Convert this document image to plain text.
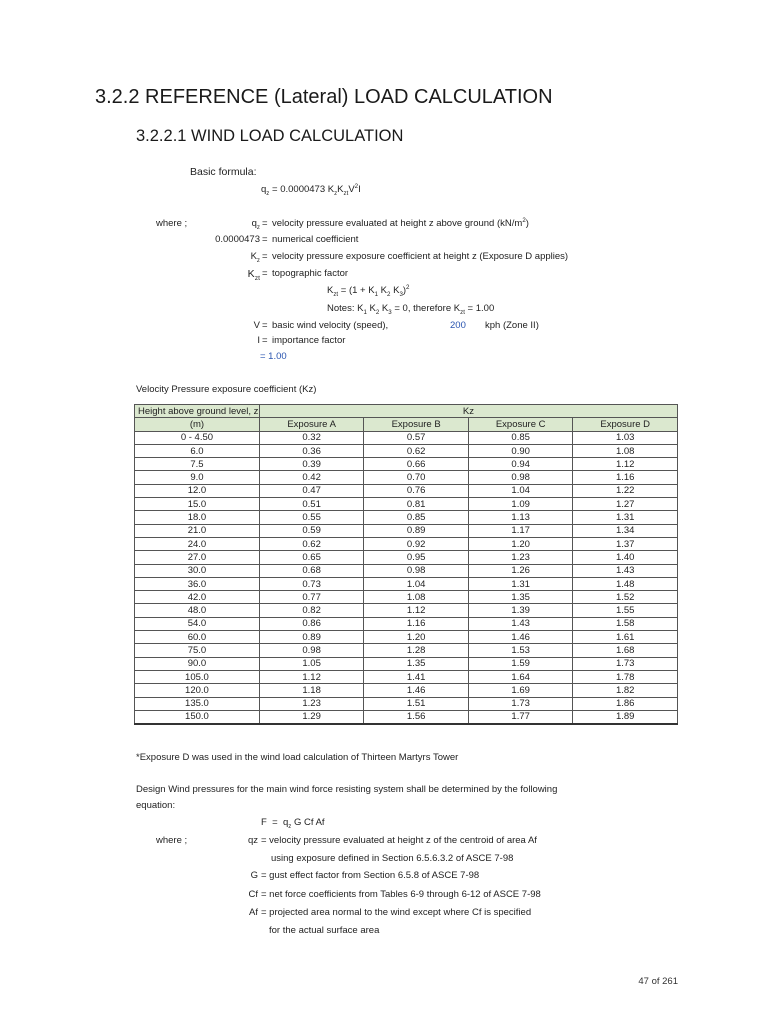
3.2.2 REFERENCE (Lateral) LOAD CALCULATION
3.2.2.1 WIND LOAD CALCULATION
Basic formula:
$q_z = 0.0000473$ $K_zK_{zt}V^2I$
where ;	$q_z$ = velocity pressure evaluated at height z above ground $(kN/m^2)$
0.0000473 = numerical coefficient
$K_z$ = velocity pressure exposure coefficient at height z (Exposure D applies)
$K_{zt}$ = topographic factor
$K_{zt} = (1 + K_1$ $K_2$ $K_3)^2$
Notes: $K_1$ $K_2$ $K_3 = 0$, therefore $K_{zt} = 1.00$
V = basic wind velocity (speed),	200 kph (Zone II)
I = importance factor
= 1.00
Velocity Pressure exposure coefficient (Kz)
Height above ground level, z	Kz			
(m)	Exposure A	Exposure B	Exposure C	Exposure D
0 - 4.50	0.32	0.57	0.85	1.03
6.0	0.36	0.62	0.90	1.08
7.5	0.39	0.66	0.94	1.12
9.0	0.42	0.70	0.98	1.16
12.0	0.47	0.76	1.04	1.22
15.0	0.51	0.81	1.09	1.27
18.0	0.55	0.85	1.13	1.31
21.0	0.59	0.89	1.17	1.34
24.0	0.62	0.92	1.20	1.37
27.0	0.65	0.95	1.23	1.40
30.0	0.68	0.98	1.26	1.43
36.0	0.73	1.04	1.31	1.48
42.0	0.77	1.08	1.35	1.52
48.0	0.82	1.12	1.39	1.55
54.0	0.86	1.16	1.43	1.58
60.0	0.89	1.20	1.46	1.61
75.0	0.98	1.28	1.53	1.68
90.0	1.05	1.35	1.59	1.73
105.0	1.12	1.41	1.64	1.78
120.0	1.18	1.46	1.69	1.82
135.0	1.23	1.51	1.73	1.86
150.0	1.29	1.56	1.77	1.89
*Exposure D was used in the wind load calculation of Thirteen Martyrs Tower
Design Wind pressures for the main wind force resisting system shall be determined by the following
equation:
$F = q_z$ G Cf Af
where ;	qz = velocity pressure evaluated at height z of the centroid of area Af
using exposure defined in Section 6.5.6.3.2 of ASCE 7-98
G = gust effect factor from Section 6.5.8 of ASCE 7-98
Cf = net force coefficients from Tables 6-9 through 6-12 of ASCE 7-98
Af = projected area normal to the wind except where Cf is specified
for the actual surface area
47 of 261
